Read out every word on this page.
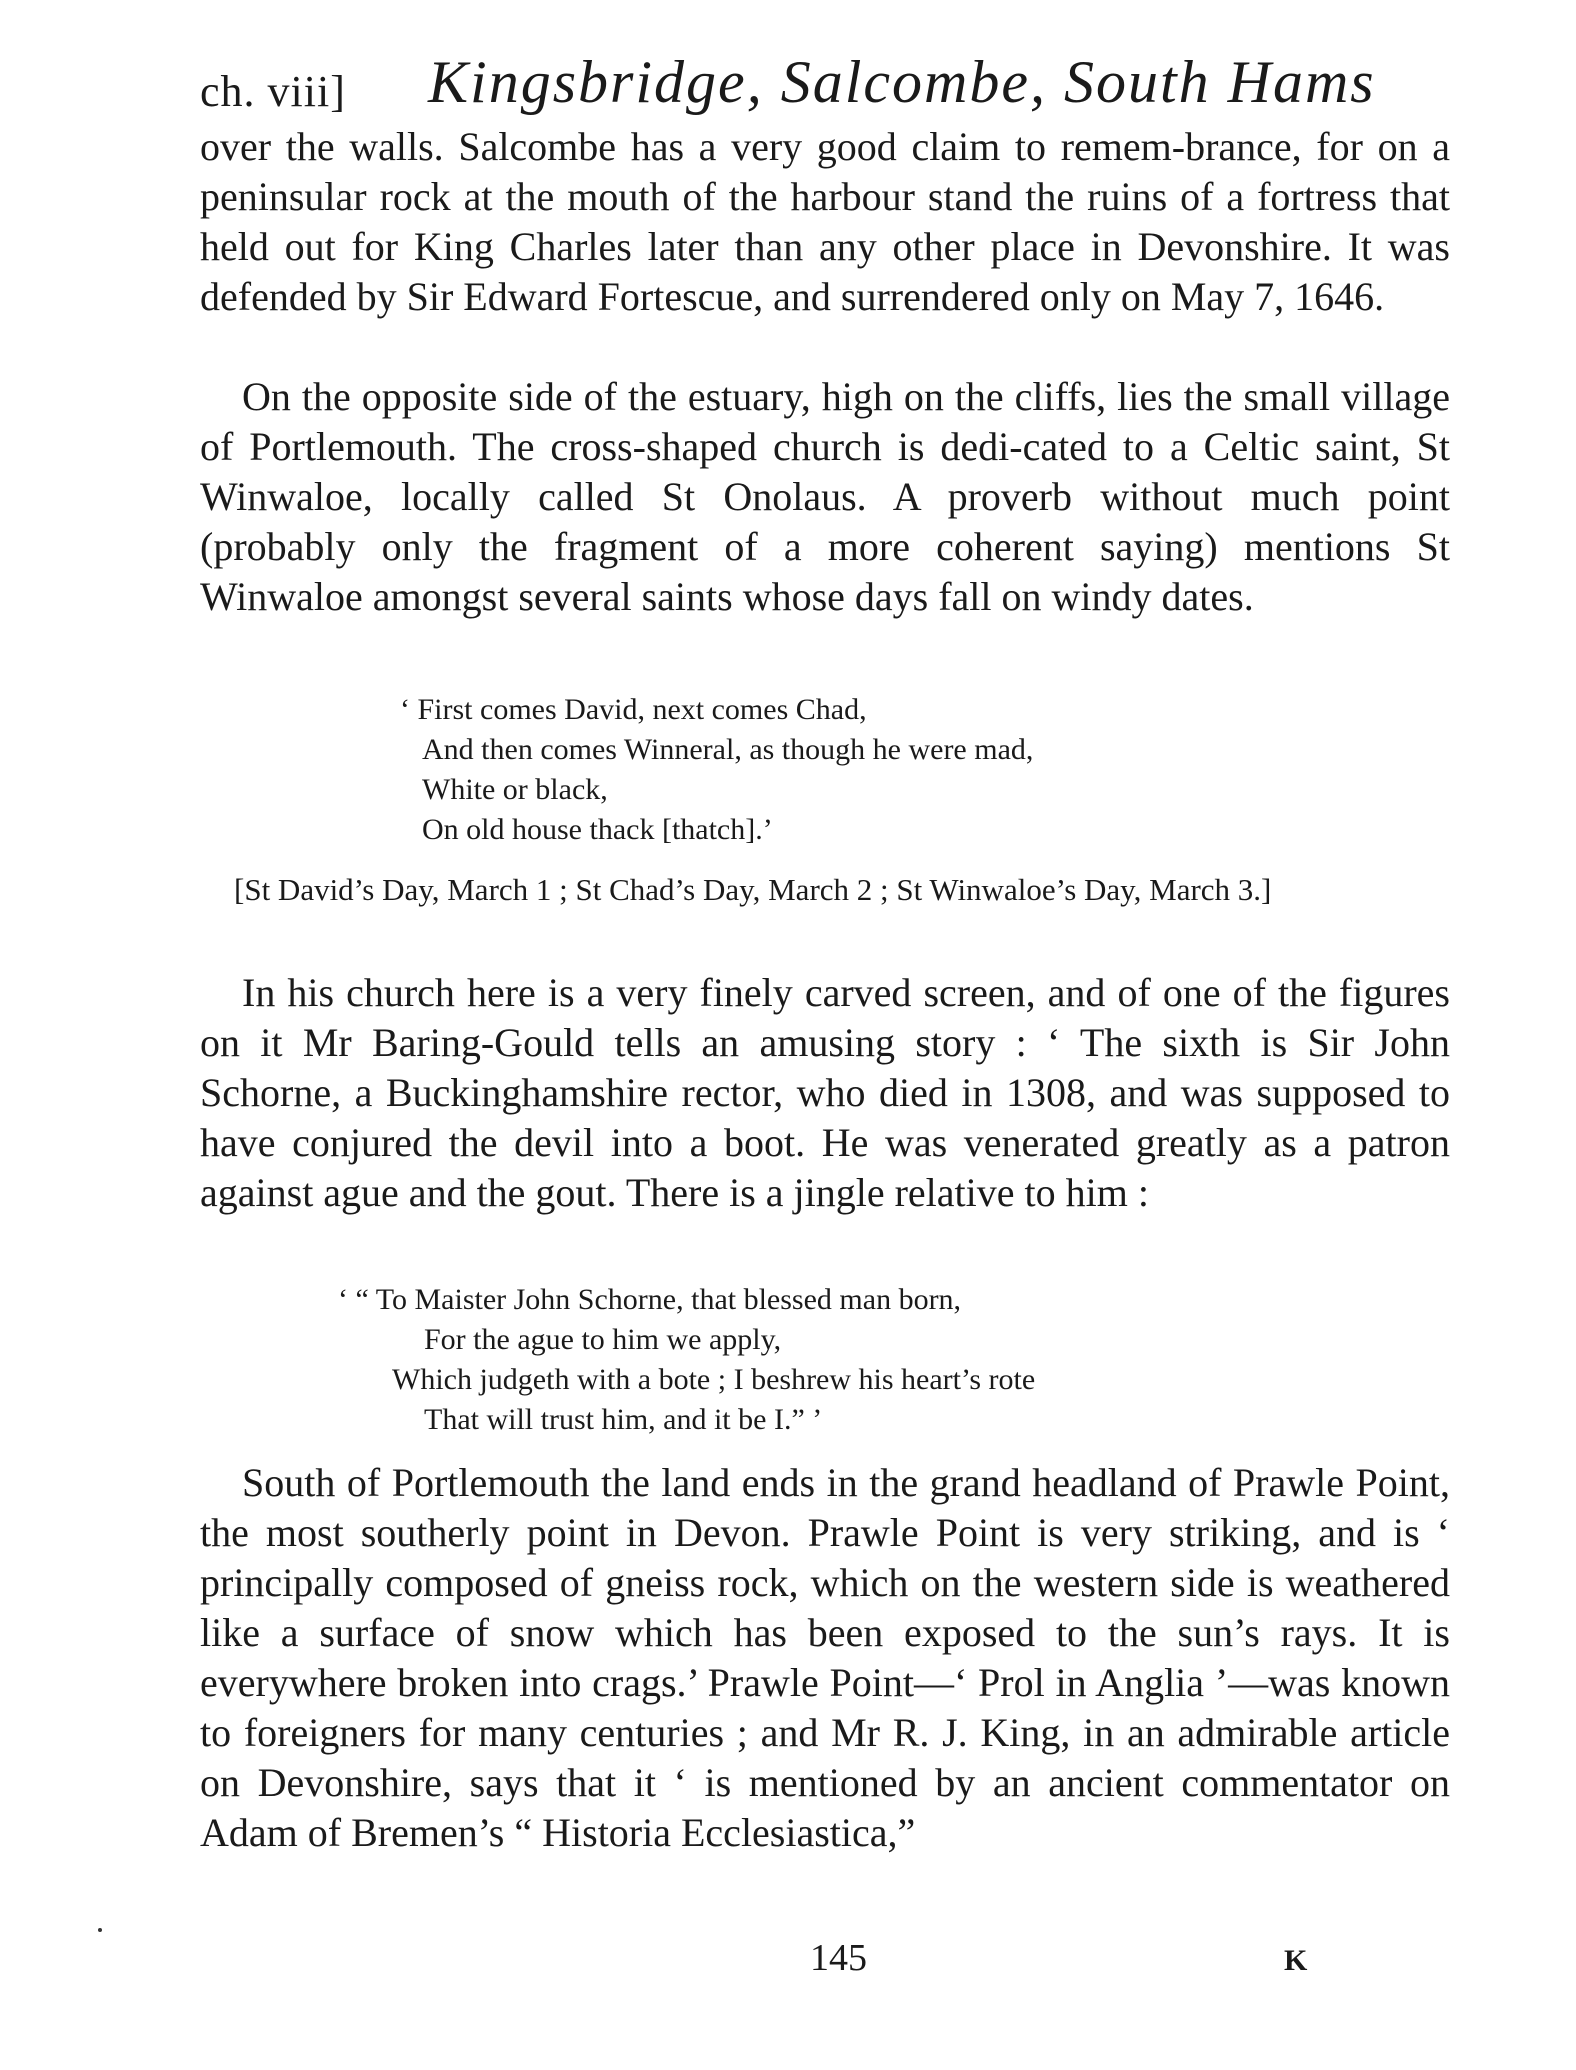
ch. viii] Kingsbridge, Salcombe, South Hams

over the walls. Salcombe has a very good claim to remem-brance, for on a peninsular rock at the mouth of the harbour stand the ruins of a fortress that held out for King Charles later than any other place in Devonshire. It was defended by Sir Edward Fortescue, and surrendered only on May 7, 1646.

On the opposite side of the estuary, high on the cliffs, lies the small village of Portlemouth. The cross-shaped church is dedi-cated to a Celtic saint, St Winwaloe, locally called St Onolaus. A proverb without much point (probably only the fragment of a more coherent saying) mentions St Winwaloe amongst several saints whose days fall on windy dates.

‘ First comes David, next comes Chad,
And then comes Winneral, as though he were mad,
White or black,
On old house thack [thatch].’

[St David’s Day, March 1 ; St Chad’s Day, March 2 ; St Winwaloe’s Day, March 3.]

In his church here is a very finely carved screen, and of one of the figures on it Mr Baring-Gould tells an amusing story : ‘ The sixth is Sir John Schorne, a Buckinghamshire rector, who died in 1308, and was supposed to have conjured the devil into a boot. He was venerated greatly as a patron against ague and the gout. There is a jingle relative to him :

‘ “ To Maister John Schorne, that blessed man born,
For the ague to him we apply,
Which judgeth with a bote ; I beshrew his heart’s rote
That will trust him, and it be I.” ’

South of Portlemouth the land ends in the grand headland of Prawle Point, the most southerly point in Devon. Prawle Point is very striking, and is ‘ principally composed of gneiss rock, which on the western side is weathered like a surface of snow which has been exposed to the sun’s rays. It is everywhere broken into crags.’ Prawle Point—‘ Prol in Anglia ’—was known to foreigners for many centuries ; and Mr R. J. King, in an admirable article on Devonshire, says that it ‘ is mentioned by an ancient commentator on Adam of Bremen’s “ Historia Ecclesiastica,”

145	K
